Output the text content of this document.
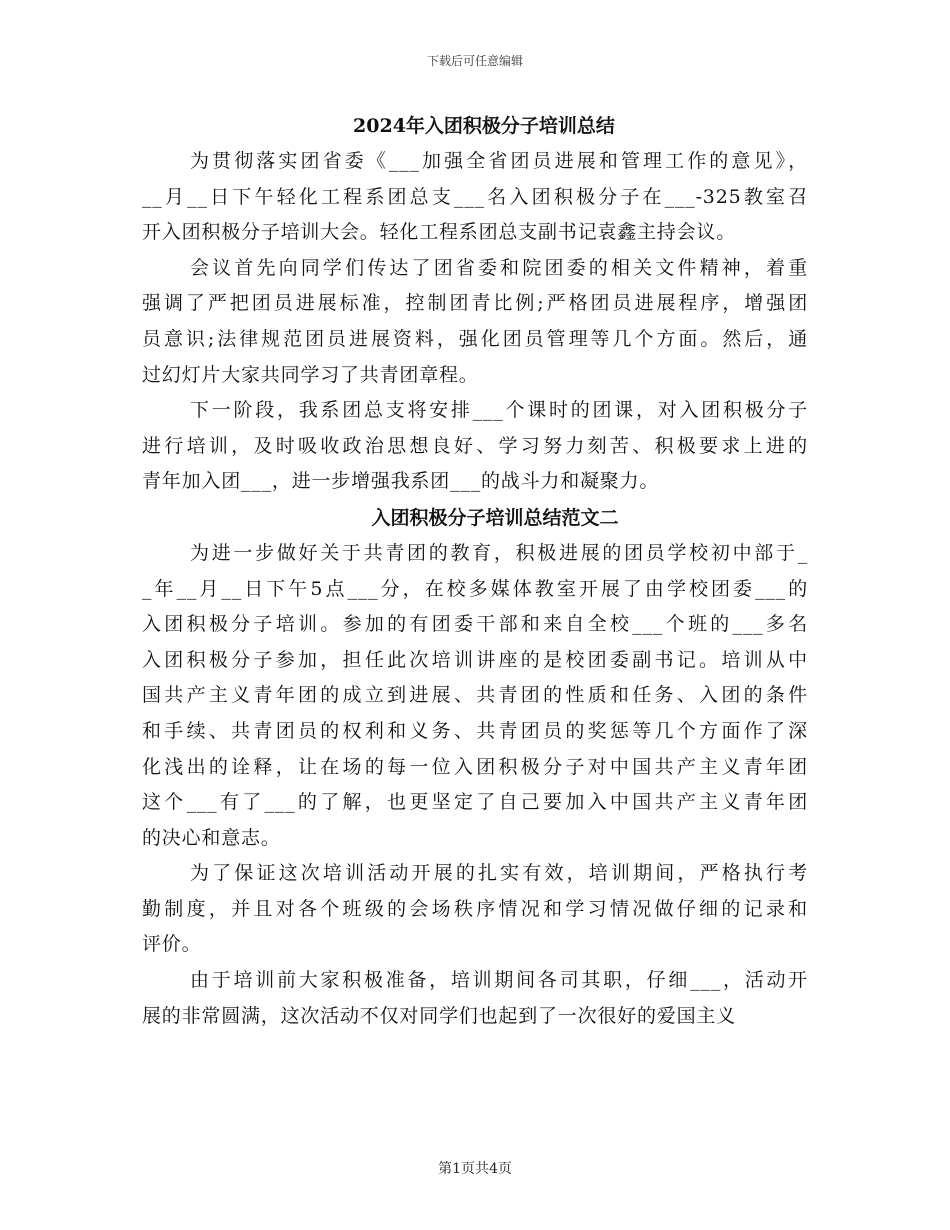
下载后可任意编辑
2024年入团积极分子培训总结

为贯彻落实团省委《___加强全省团员进展和管理工作的意见》，
__月__日下午轻化工程系团总支___名入团积极分子在___-325教室召
开入团积极分子培训大会。轻化工程系团总支副书记袁鑫主持会议。

会议首先向同学们传达了团省委和院团委的相关文件精神，着重
强调了严把团员进展标准，控制团青比例;严格团员进展程序，增强团
员意识;法律规范团员进展资料，强化团员管理等几个方面。然后，通
过幻灯片大家共同学习了共青团章程。

下一阶段，我系团总支将安排___个课时的团课，对入团积极分子
进行培训，及时吸收政治思想良好、学习努力刻苦、积极要求上进的
青年加入团___，进一步增强我系团___的战斗力和凝聚力。

入团积极分子培训总结范文二

为进一步做好关于共青团的教育，积极进展的团员学校初中部于_
_年__月__日下午5点___分，在校多媒体教室开展了由学校团委___的
入团积极分子培训。参加的有团委干部和来自全校___个班的___多名
入团积极分子参加，担任此次培训讲座的是校团委副书记。培训从中
国共产主义青年团的成立到进展、共青团的性质和任务、入团的条件
和手续、共青团员的权利和义务、共青团员的奖惩等几个方面作了深
化浅出的诠释，让在场的每一位入团积极分子对中国共产主义青年团
这个___有了___的了解，也更坚定了自己要加入中国共产主义青年团
的决心和意志。

为了保证这次培训活动开展的扎实有效，培训期间，严格执行考
勤制度，并且对各个班级的会场秩序情况和学习情况做仔细的记录和
评价。

由于培训前大家积极准备，培训期间各司其职，仔细___，活动开
展的非常圆满，这次活动不仅对同学们也起到了一次很好的爱国主义

第1页共4页
